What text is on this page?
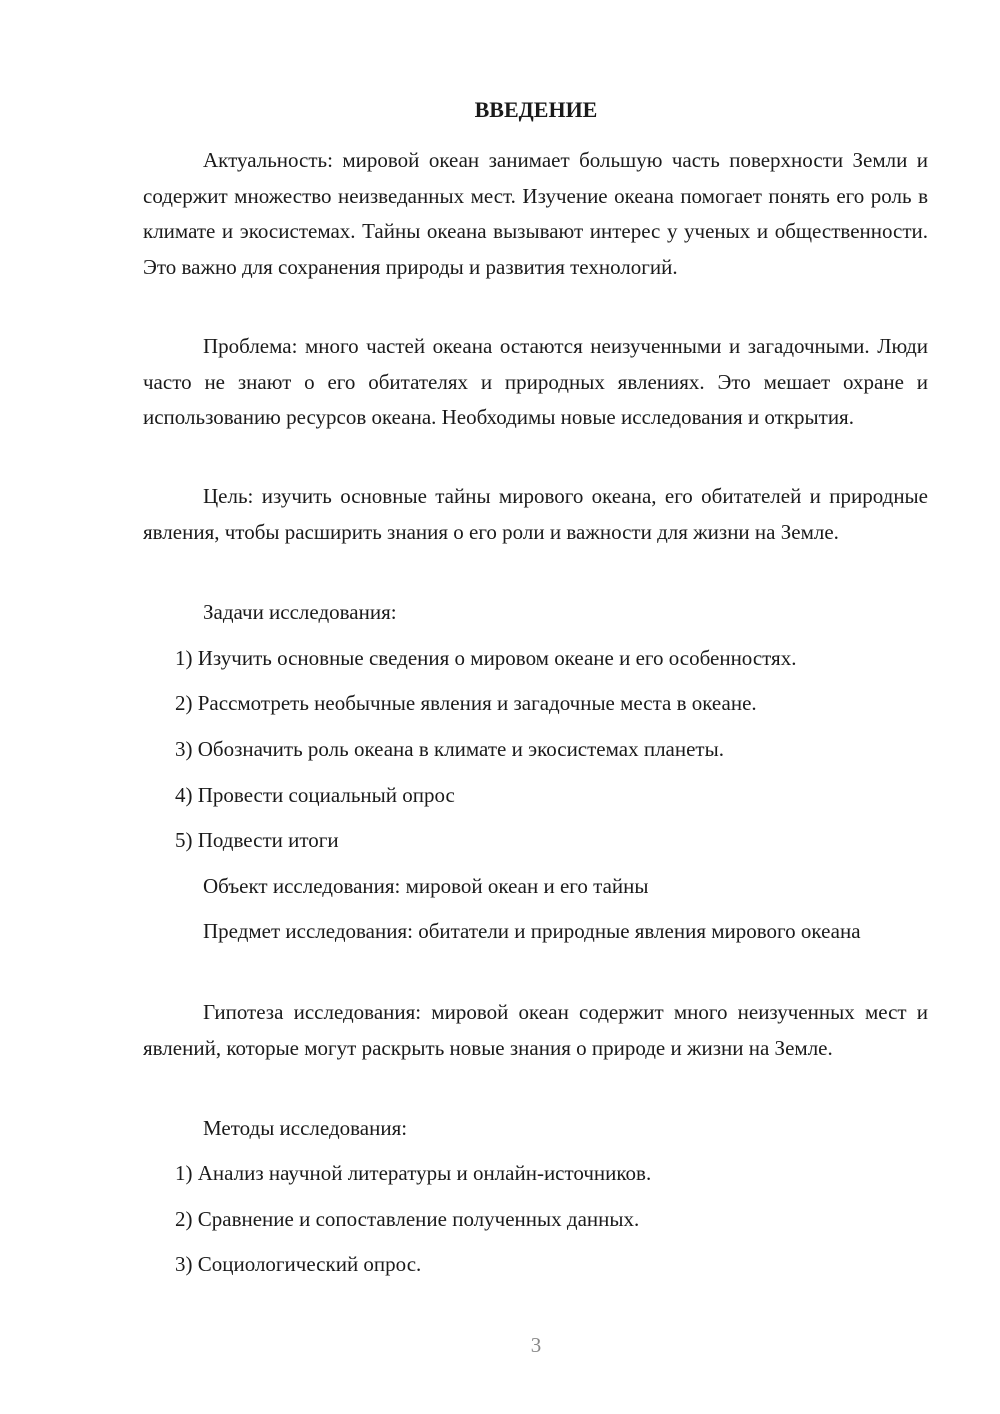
ВВЕДЕНИЕ

Актуальность: мировой океан занимает большую часть поверхности Земли и содержит множество неизведанных мест. Изучение океана помогает понять его роль в климате и экосистемах. Тайны океана вызывают интерес у ученых и общественности. Это важно для сохранения природы и развития технологий.

Проблема: много частей океана остаются неизученными и загадочными. Люди часто не знают о его обитателях и природных явлениях. Это мешает охране и использованию ресурсов океана. Необходимы новые исследования и открытия.

Цель: изучить основные тайны мирового океана, его обитателей и природные явления, чтобы расширить знания о его роли и важности для жизни на Земле.

Задачи исследования:

1) Изучить основные сведения о мировом океане и его особенностях.

2) Рассмотреть необычные явления и загадочные места в океане.

3) Обозначить роль океана в климате и экосистемах планеты.

4) Провести социальный опрос

5) Подвести итоги

Объект исследования: мировой океан и его тайны

Предмет исследования: обитатели и природные явления мирового океана

Гипотеза исследования: мировой океан содержит много неизученных мест и явлений, которые могут раскрыть новые знания о природе и жизни на Земле.

Методы исследования:

1) Анализ научной литературы и онлайн-источников.

2) Сравнение и сопоставление полученных данных.

3) Социологический опрос.

3
